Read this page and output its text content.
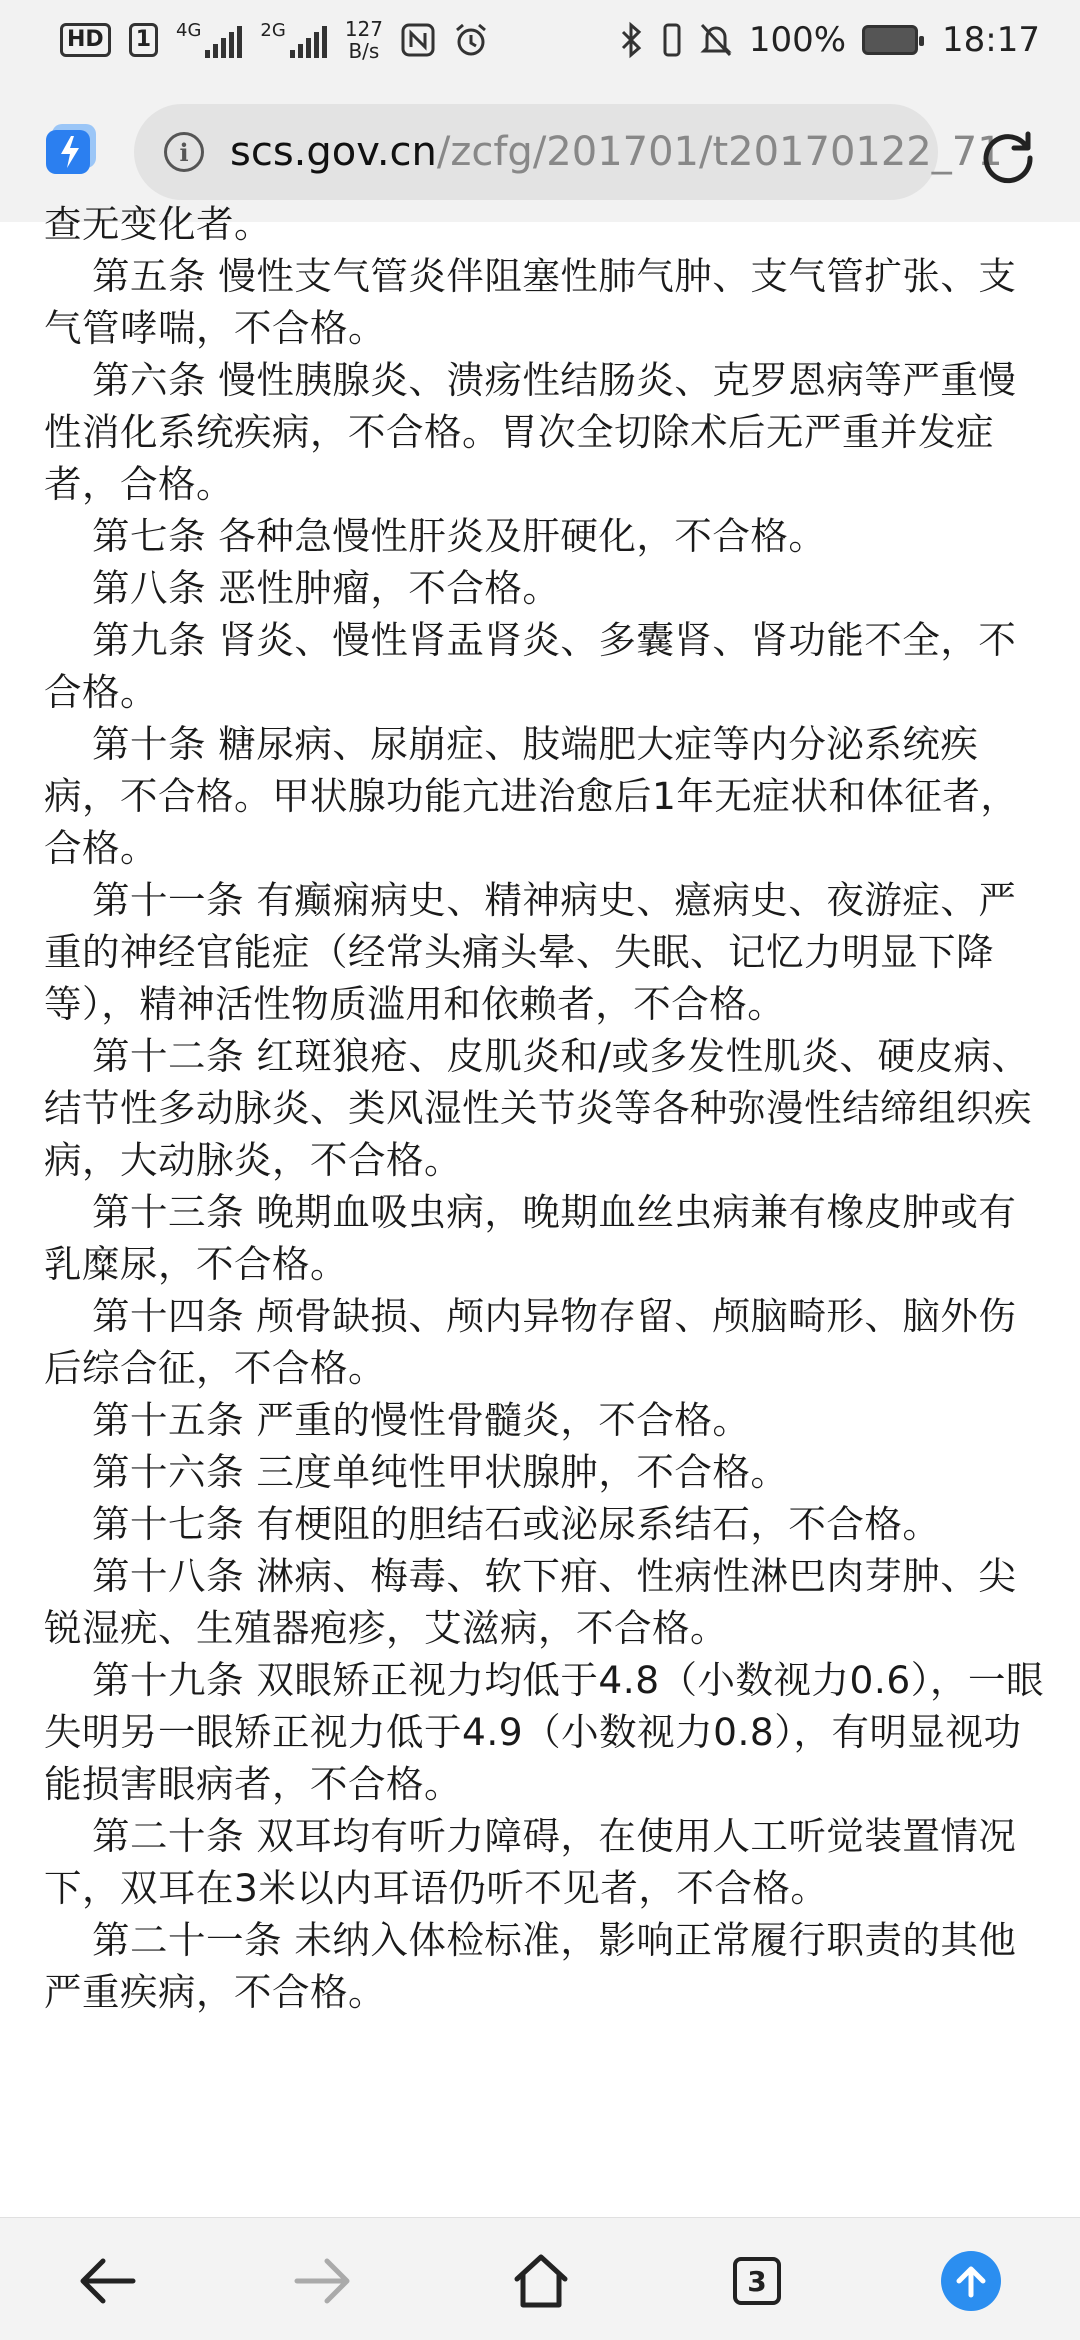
HD	1	4G	2G	127
B/s	100%	18:17
i	scs.gov.cn /zcfg/201701/t20170122_71

查无变化者。

第五条 慢性支气管炎伴阻塞性肺气肿、支气管扩张、支气管哮喘，不合格。

第六条 慢性胰腺炎、溃疡性结肠炎、克罗恩病等严重慢性消化系统疾病，不合格。胃次全切除术后无严重并发症者，合格。

第七条 各种急慢性肝炎及肝硬化，不合格。

第八条 恶性肿瘤，不合格。

第九条 肾炎、慢性肾盂肾炎、多囊肾、肾功能不全，不合格。

第十条 糖尿病、尿崩症、肢端肥大症等内分泌系统疾病，不合格。甲状腺功能亢进治愈后1年无症状和体征者，合格。

第十一条 有癫痫病史、精神病史、癔病史、夜游症、严重的神经官能症（经常头痛头晕、失眠、记忆力明显下降等），精神活性物质滥用和依赖者，不合格。

第十二条 红斑狼疮、皮肌炎和/或多发性肌炎、硬皮病、结节性多动脉炎、类风湿性关节炎等各种弥漫性结缔组织疾病，大动脉炎，不合格。

第十三条 晚期血吸虫病，晚期血丝虫病兼有橡皮肿或有乳糜尿，不合格。

第十四条 颅骨缺损、颅内异物存留、颅脑畸形、脑外伤后综合征，不合格。

第十五条 严重的慢性骨髓炎，不合格。

第十六条 三度单纯性甲状腺肿，不合格。

第十七条 有梗阻的胆结石或泌尿系结石，不合格。

第十八条 淋病、梅毒、软下疳、性病性淋巴肉芽肿、尖锐湿疣、生殖器疱疹，艾滋病，不合格。

第十九条 双眼矫正视力均低于4.8（小数视力0.6），一眼失明另一眼矫正视力低于4.9（小数视力0.8），有明显视功能损害眼病者，不合格。

第二十条 双耳均有听力障碍，在使用人工听觉装置情况下，双耳在3米以内耳语仍听不见者，不合格。

第二十一条 未纳入体检标准，影响正常履行职责的其他严重疾病，不合格。

3
